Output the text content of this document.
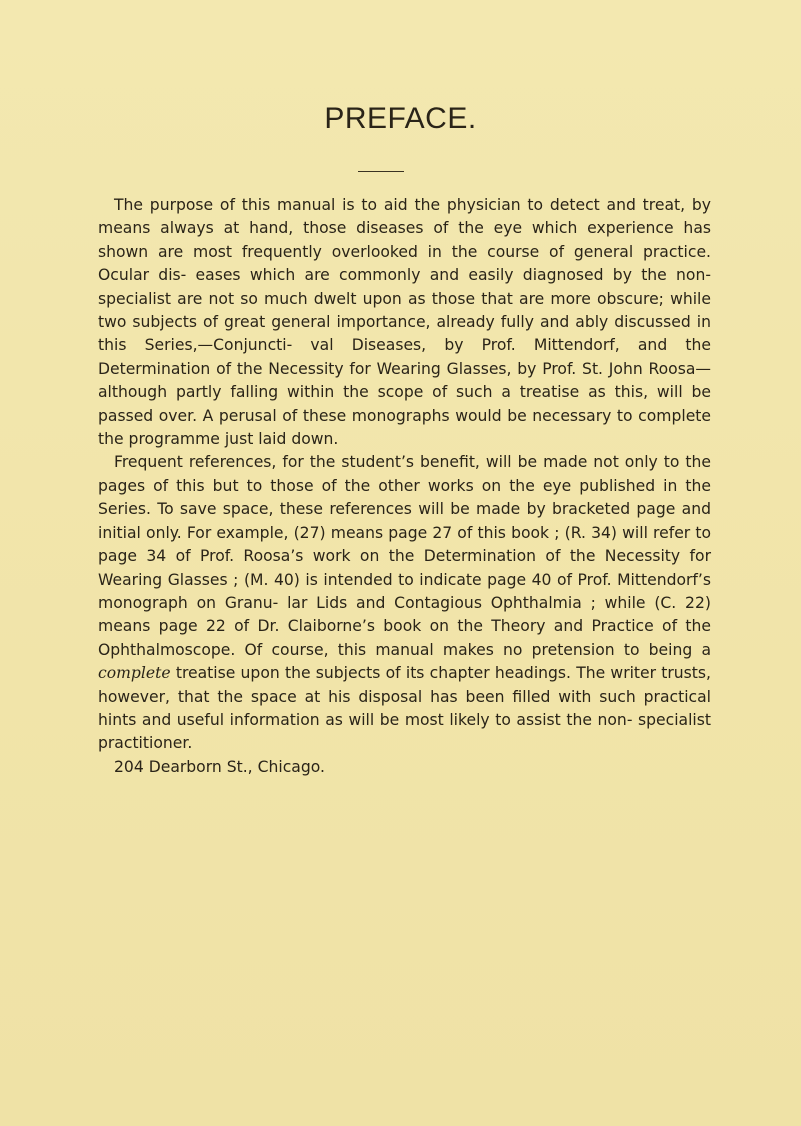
PREFACE.

The purpose of this manual is to aid the physician to detect and treat, by means always at hand, those diseases of the eye which experience has shown are most frequently overlooked in the course of general practice. Ocular dis- eases which are commonly and easily diagnosed by the non- specialist are not so much dwelt upon as those that are more obscure; while two subjects of great general importance, already fully and ably discussed in this Series,—Conjuncti- val Diseases, by Prof. Mittendorf, and the Determination of the Necessity for Wearing Glasses, by Prof. St. John Roosa— although partly falling within the scope of such a treatise as this, will be passed over. A perusal of these monographs would be necessary to complete the programme just laid down.

Frequent references, for the student’s benefit, will be made not only to the pages of this but to those of the other works on the eye published in the Series. To save space, these references will be made by bracketed page and initial only. For example, (27) means page 27 of this book ; (R. 34) will refer to page 34 of Prof. Roosa’s work on the Determination of the Necessity for Wearing Glasses ; (M. 40) is intended to indicate page 40 of Prof. Mittendorf’s monograph on Granu- lar Lids and Contagious Ophthalmia ; while (C. 22) means page 22 of Dr. Claiborne’s book on the Theory and Practice of the Ophthalmoscope. Of course, this manual makes no pretension to being a complete treatise upon the subjects of its chapter headings. The writer trusts, however, that the space at his disposal has been filled with such practical hints and useful information as will be most likely to assist the non- specialist practitioner.

204 Dearborn St., Chicago.
